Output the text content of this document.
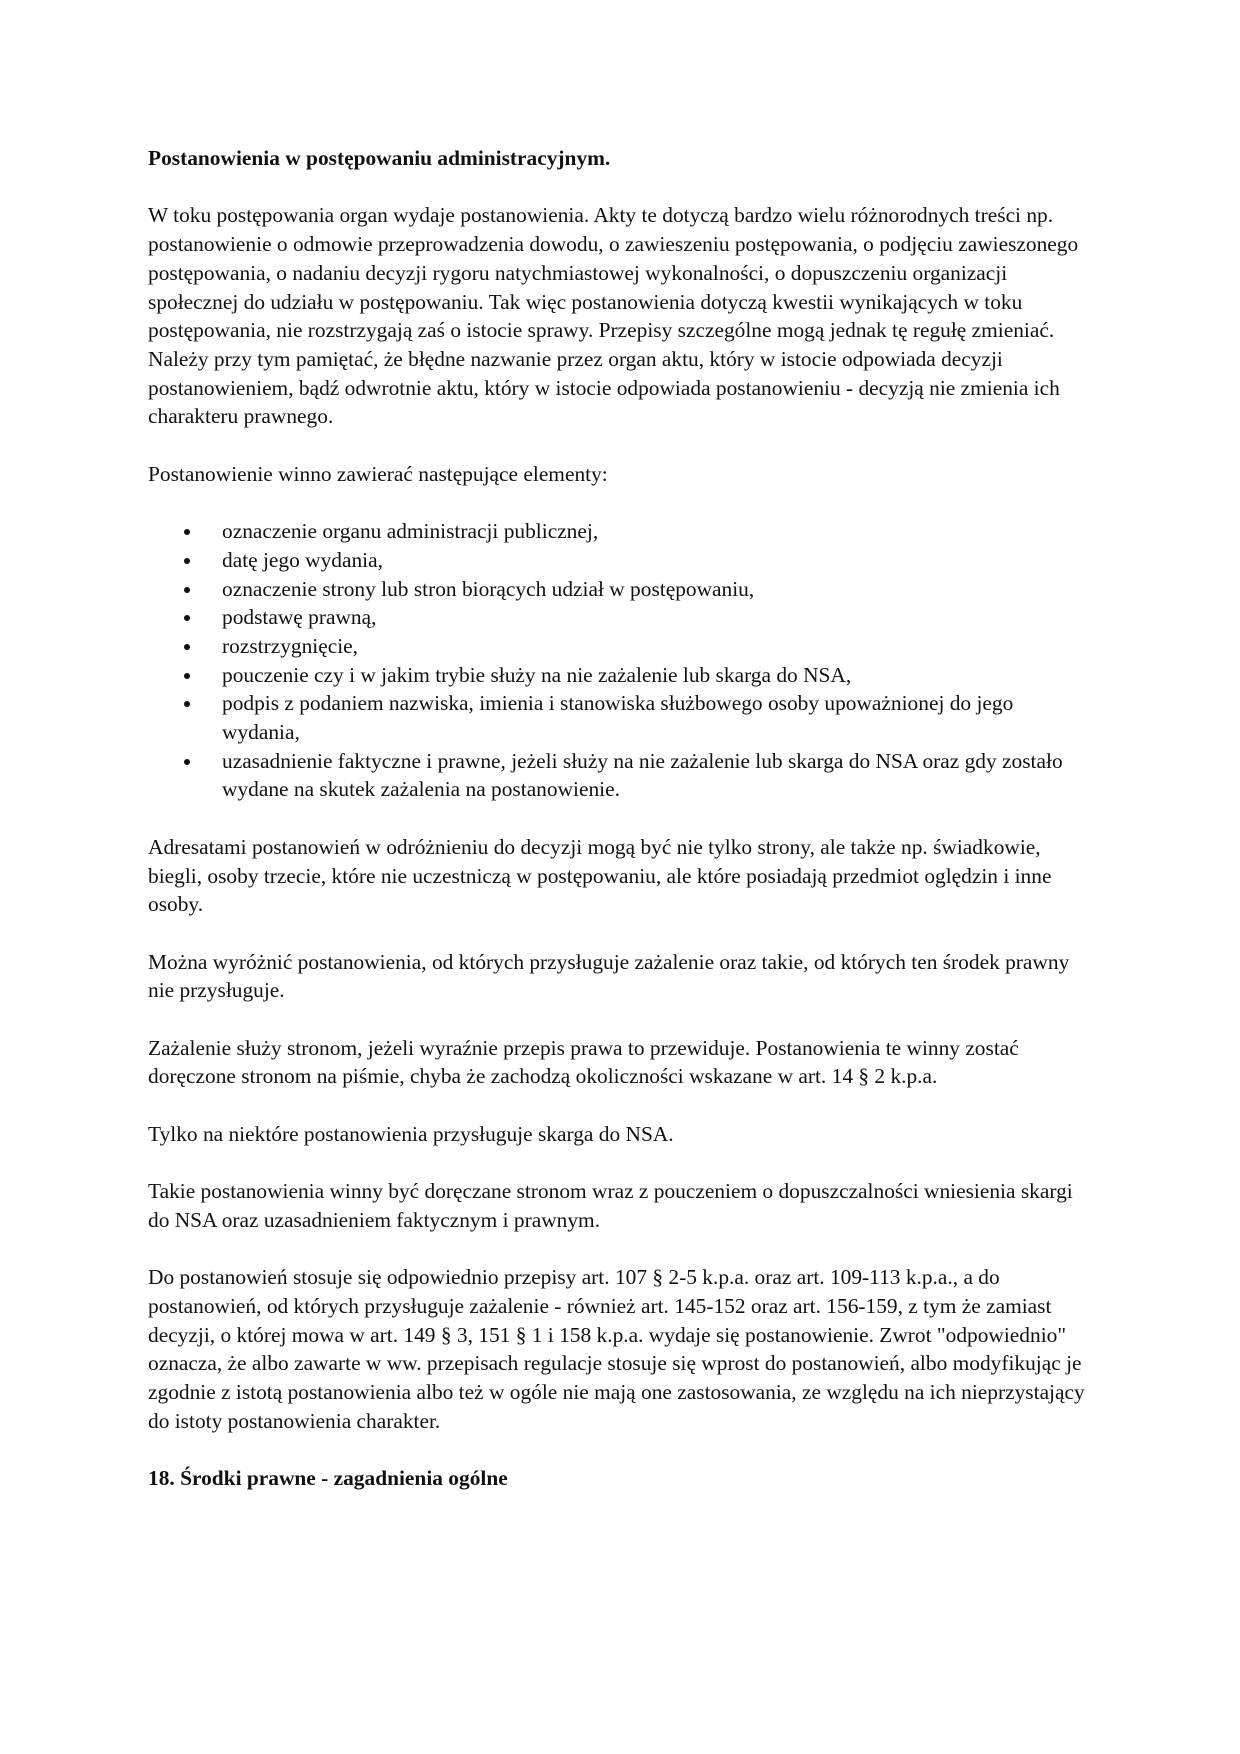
Postanowienia w postępowaniu administracyjnym.

W toku postępowania organ wydaje postanowienia. Akty te dotyczą bardzo wielu różnorodnych treści np. postanowienie o odmowie przeprowadzenia dowodu, o zawieszeniu postępowania, o podjęciu zawieszonego postępowania, o nadaniu decyzji rygoru natychmiastowej wykonalności, o dopuszczeniu organizacji społecznej do udziału w postępowaniu. Tak więc postanowienia dotyczą kwestii wynikających w toku postępowania, nie rozstrzygają zaś o istocie sprawy. Przepisy szczególne mogą jednak tę regułę zmieniać. Należy przy tym pamiętać, że błędne nazwanie przez organ aktu, który w istocie odpowiada decyzji postanowieniem, bądź odwrotnie aktu, który w istocie odpowiada postanowieniu - decyzją nie zmienia ich charakteru prawnego.

Postanowienie winno zawierać następujące elementy:

oznaczenie organu administracji publicznej,
datę jego wydania,
oznaczenie strony lub stron biorących udział w postępowaniu,
podstawę prawną,
rozstrzygnięcie,
pouczenie czy i w jakim trybie służy na nie zażalenie lub skarga do NSA,
podpis z podaniem nazwiska, imienia i stanowiska służbowego osoby upoważnionej do jego wydania,
uzasadnienie faktyczne i prawne, jeżeli służy na nie zażalenie lub skarga do NSA oraz gdy zostało wydane na skutek zażalenia na postanowienie.

Adresatami postanowień w odróżnieniu do decyzji mogą być nie tylko strony, ale także np. świadkowie, biegli, osoby trzecie, które nie uczestniczą w postępowaniu, ale które posiadają przedmiot oględzin i inne osoby.

Można wyróżnić postanowienia, od których przysługuje zażalenie oraz takie, od których ten środek prawny nie przysługuje.

Zażalenie służy stronom, jeżeli wyraźnie przepis prawa to przewiduje. Postanowienia te winny zostać doręczone stronom na piśmie, chyba że zachodzą okoliczności wskazane w art. 14 § 2 k.p.a.

Tylko na niektóre postanowienia przysługuje skarga do NSA.

Takie postanowienia winny być doręczane stronom wraz z pouczeniem o dopuszczalności wniesienia skargi do NSA oraz uzasadnieniem faktycznym i prawnym.

Do postanowień stosuje się odpowiednio przepisy art. 107 § 2-5 k.p.a. oraz art. 109-113 k.p.a., a do postanowień, od których przysługuje zażalenie - również art. 145-152 oraz art. 156-159, z tym że zamiast decyzji, o której mowa w art. 149 § 3, 151 § 1 i 158 k.p.a. wydaje się postanowienie. Zwrot "odpowiednio" oznacza, że albo zawarte w ww. przepisach regulacje stosuje się wprost do postanowień, albo modyfikując je zgodnie z istotą postanowienia albo też w ogóle nie mają one zastosowania, ze względu na ich nieprzystający do istoty postanowienia charakter.

18. Środki prawne - zagadnienia ogólne
